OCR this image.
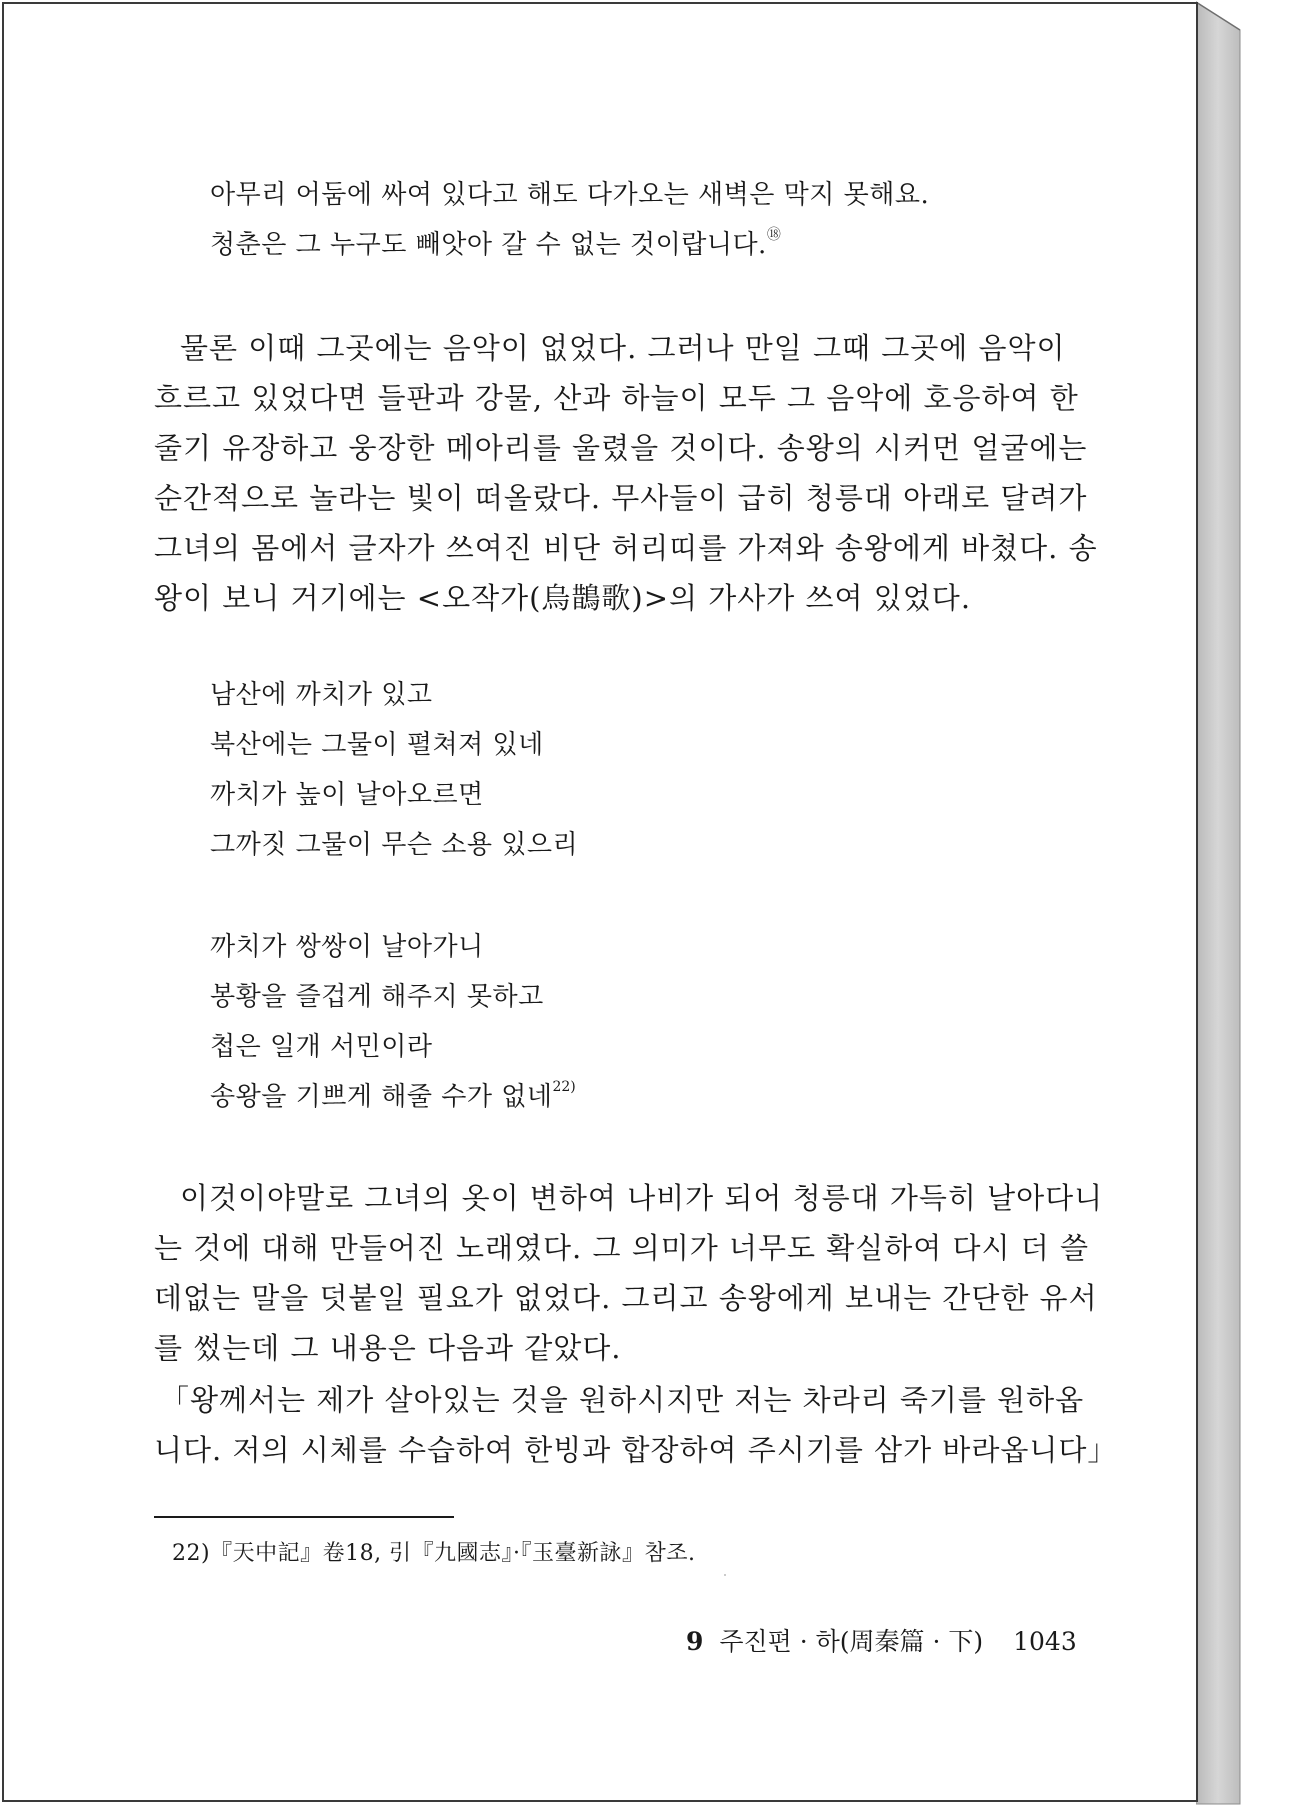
아무리 어둠에 싸여 있다고 해도 다가오는 새벽은 막지 못해요.
청춘은 그 누구도 빼앗아 갈 수 없는 것이랍니다.⑱
물론 이때 그곳에는 음악이 없었다. 그러나 만일 그때 그곳에 음악이
흐르고 있었다면 들판과 강물, 산과 하늘이 모두 그 음악에 호응하여 한
줄기 유장하고 웅장한 메아리를 울렸을 것이다. 송왕의 시커먼 얼굴에는
순간적으로 놀라는 빛이 떠올랐다. 무사들이 급히 청릉대 아래로 달려가
그녀의 몸에서 글자가 쓰여진 비단 허리띠를 가져와 송왕에게 바쳤다. 송
왕이 보니 거기에는 <오작가(烏鵲歌)>의 가사가 쓰여 있었다.
남산에 까치가 있고
북산에는 그물이 펼쳐져 있네
까치가 높이 날아오르면
그까짓 그물이 무슨 소용 있으리
까치가 쌍쌍이 날아가니
봉황을 즐겁게 해주지 못하고
첩은 일개 서민이라
송왕을 기쁘게 해줄 수가 없네$^{22)}$
이것이야말로 그녀의 옷이 변하여 나비가 되어 청릉대 가득히 날아다니
는 것에 대해 만들어진 노래였다. 그 의미가 너무도 확실하여 다시 더 쓸
데없는 말을 덧붙일 필요가 없었다. 그리고 송왕에게 보내는 간단한 유서
를 썼는데 그 내용은 다음과 같았다.
「왕께서는 제가 살아있는 것을 원하시지만 저는 차라리 죽기를 원하옵
니다. 저의 시체를 수습하여 한빙과 합장하여 주시기를 삼가 바라옵니다」
22)『天中記』卷18, 引『九國志』·『玉臺新詠』참조.
9 주진편 · 하(周秦篇 · 下) 1043
